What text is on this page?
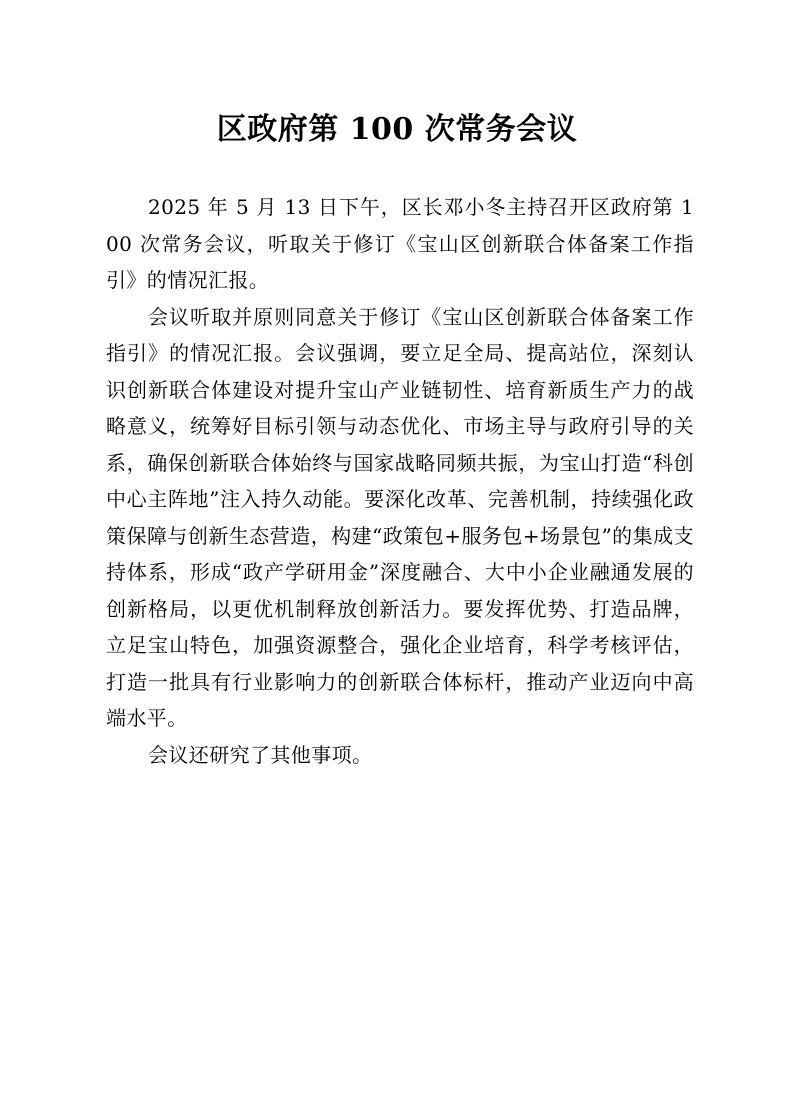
区政府第 100 次常务会议

2025 年 5 月 13 日下午，区长邓小冬主持召开区政府第 100 次常务会议，听取关于修订《宝山区创新联合体备案工作指引》的情况汇报。

会议听取并原则同意关于修订《宝山区创新联合体备案工作指引》的情况汇报。会议强调，要立足全局、提高站位，深刻认识创新联合体建设对提升宝山产业链韧性、培育新质生产力的战略意义，统筹好目标引领与动态优化、市场主导与政府引导的关系，确保创新联合体始终与国家战略同频共振，为宝山打造“科创中心主阵地”注入持久动能。要深化改革、完善机制，持续强化政策保障与创新生态营造，构建“政策包+服务包+场景包”的集成支持体系，形成“政产学研用金”深度融合、大中小企业融通发展的创新格局，以更优机制释放创新活力。要发挥优势、打造品牌，立足宝山特色，加强资源整合，强化企业培育，科学考核评估，打造一批具有行业影响力的创新联合体标杆，推动产业迈向中高端水平。

会议还研究了其他事项。
